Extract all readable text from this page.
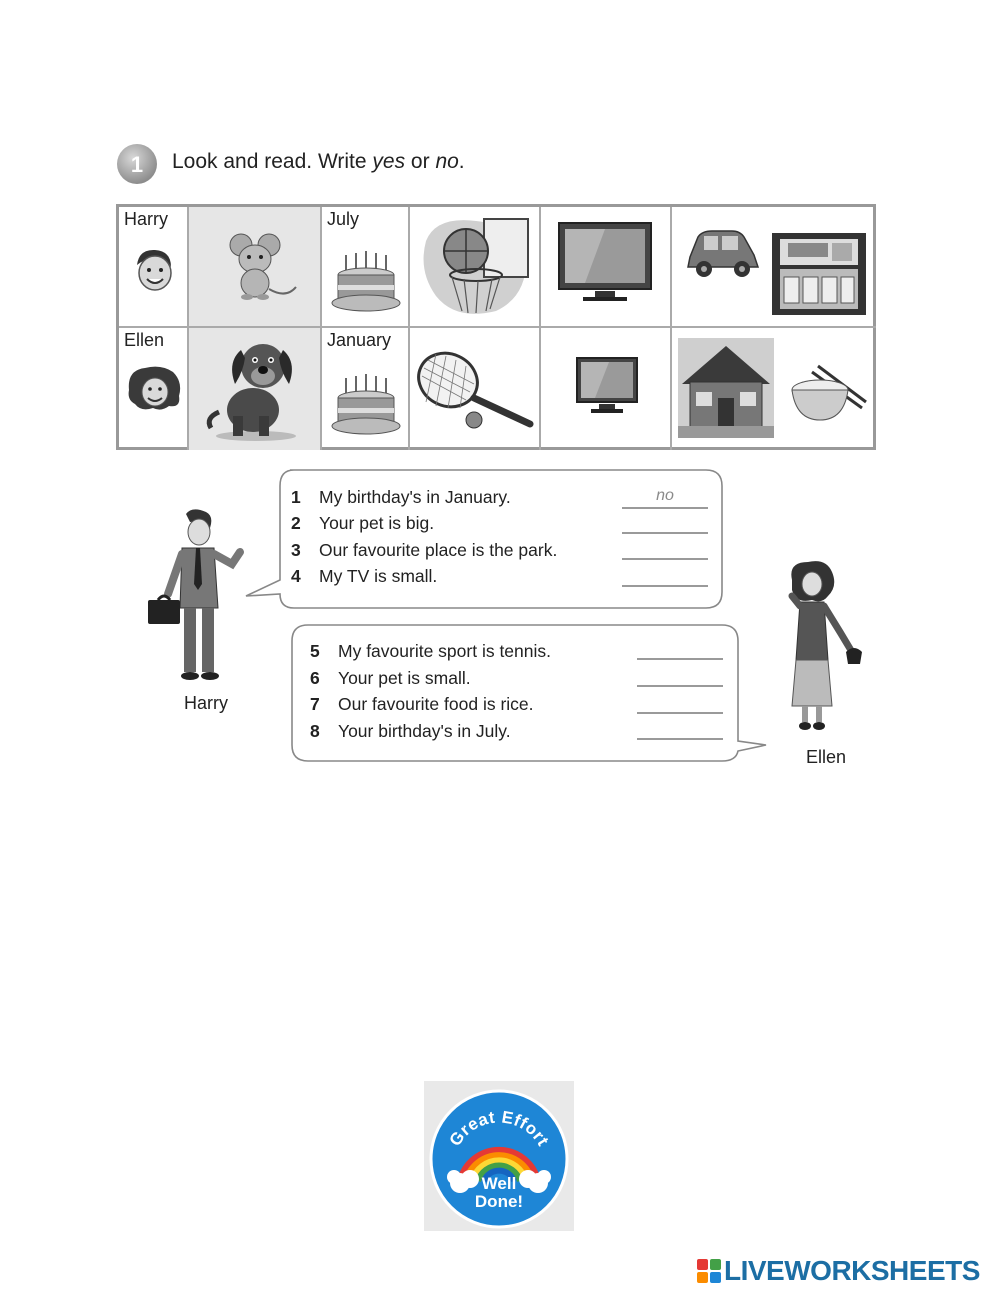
1 Look and read. Write yes or no.
Harry	July
Ellen	January
Harry
1 My birthday's in January.	no
2 Your pet is big.
3 Our favourite place is the park.
4 My TV is small.
5 My favourite sport is tennis.
6 Your pet is small.
7 Our favourite food is rice.
8 Your birthday's in July.
Ellen
Great Effort
Well
Done!
LIVEWORKSHEETS
